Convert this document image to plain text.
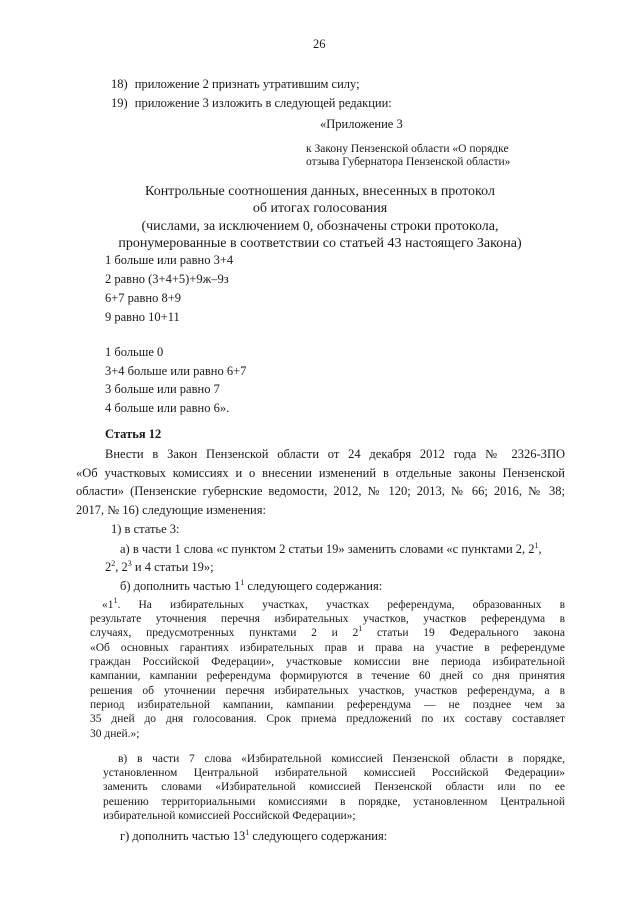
26
18) приложение 2 признать утратившим силу;
19) приложение 3 изложить в следующей редакции:
«Приложение 3
к Закону Пензенской области «О порядке
отзыва Губернатора Пензенской области»
Контрольные соотношения данных, внесенных в протокол
об итогах голосования
(числами, за исключением 0, обозначены строки протокола,
пронумерованные в соответствии со статьей 43 настоящего Закона)
1 больше или равно 3+4
2 равно (3+4+5)+9ж–9з
6+7 равно 8+9
9 равно 10+11
1 больше 0
3+4 больше или равно 6+7
3 больше или равно 7
4 больше или равно 6».
Статья 12
Внести в Закон Пензенской области от 24 декабря 2012 года № 2326-ЗПО
«Об участковых комиссиях и о внесении изменений в отдельные законы Пензенской
области» (Пензенские губернские ведомости, 2012, № 120; 2013, № 66; 2016, № 38;
2017, № 16) следующие изменения:
1) в статье 3:
а) в части 1 слова «с пунктом 2 статьи 19» заменить словами «с пунктами 2, $2^1$,
$2^2$, $2^3$ и 4 статьи 19»;
б) дополнить частью $1^1$ следующего содержания:
«$1^1$. На избирательных участках, участках референдума, образованных в
результате уточнения перечня избирательных участков, участков референдума в
случаях, предусмотренных пунктами 2 и $2^1$ статьи 19 Федерального закона
«Об основных гарантиях избирательных прав и права на участие в референдуме
граждан Российской Федерации», участковые комиссии вне периода избирательной
кампании, кампании референдума формируются в течение 60 дней со дня принятия
решения об уточнении перечня избирательных участков, участков референдума, а в
период избирательной кампании, кампании референдума — не позднее чем за
35 дней до дня голосования. Срок приема предложений по их составу составляет
30 дней.»;
в) в части 7 слова «Избирательной комиссией Пензенской области в порядке,
установленном Центральной избирательной комиссией Российской Федерации»
заменить словами «Избирательной комиссией Пензенской области или по ее
решению территориальными комиссиями в порядке, установленном Центральной
избирательной комиссией Российской Федерации»;
г) дополнить частью $13^1$ следующего содержания:
